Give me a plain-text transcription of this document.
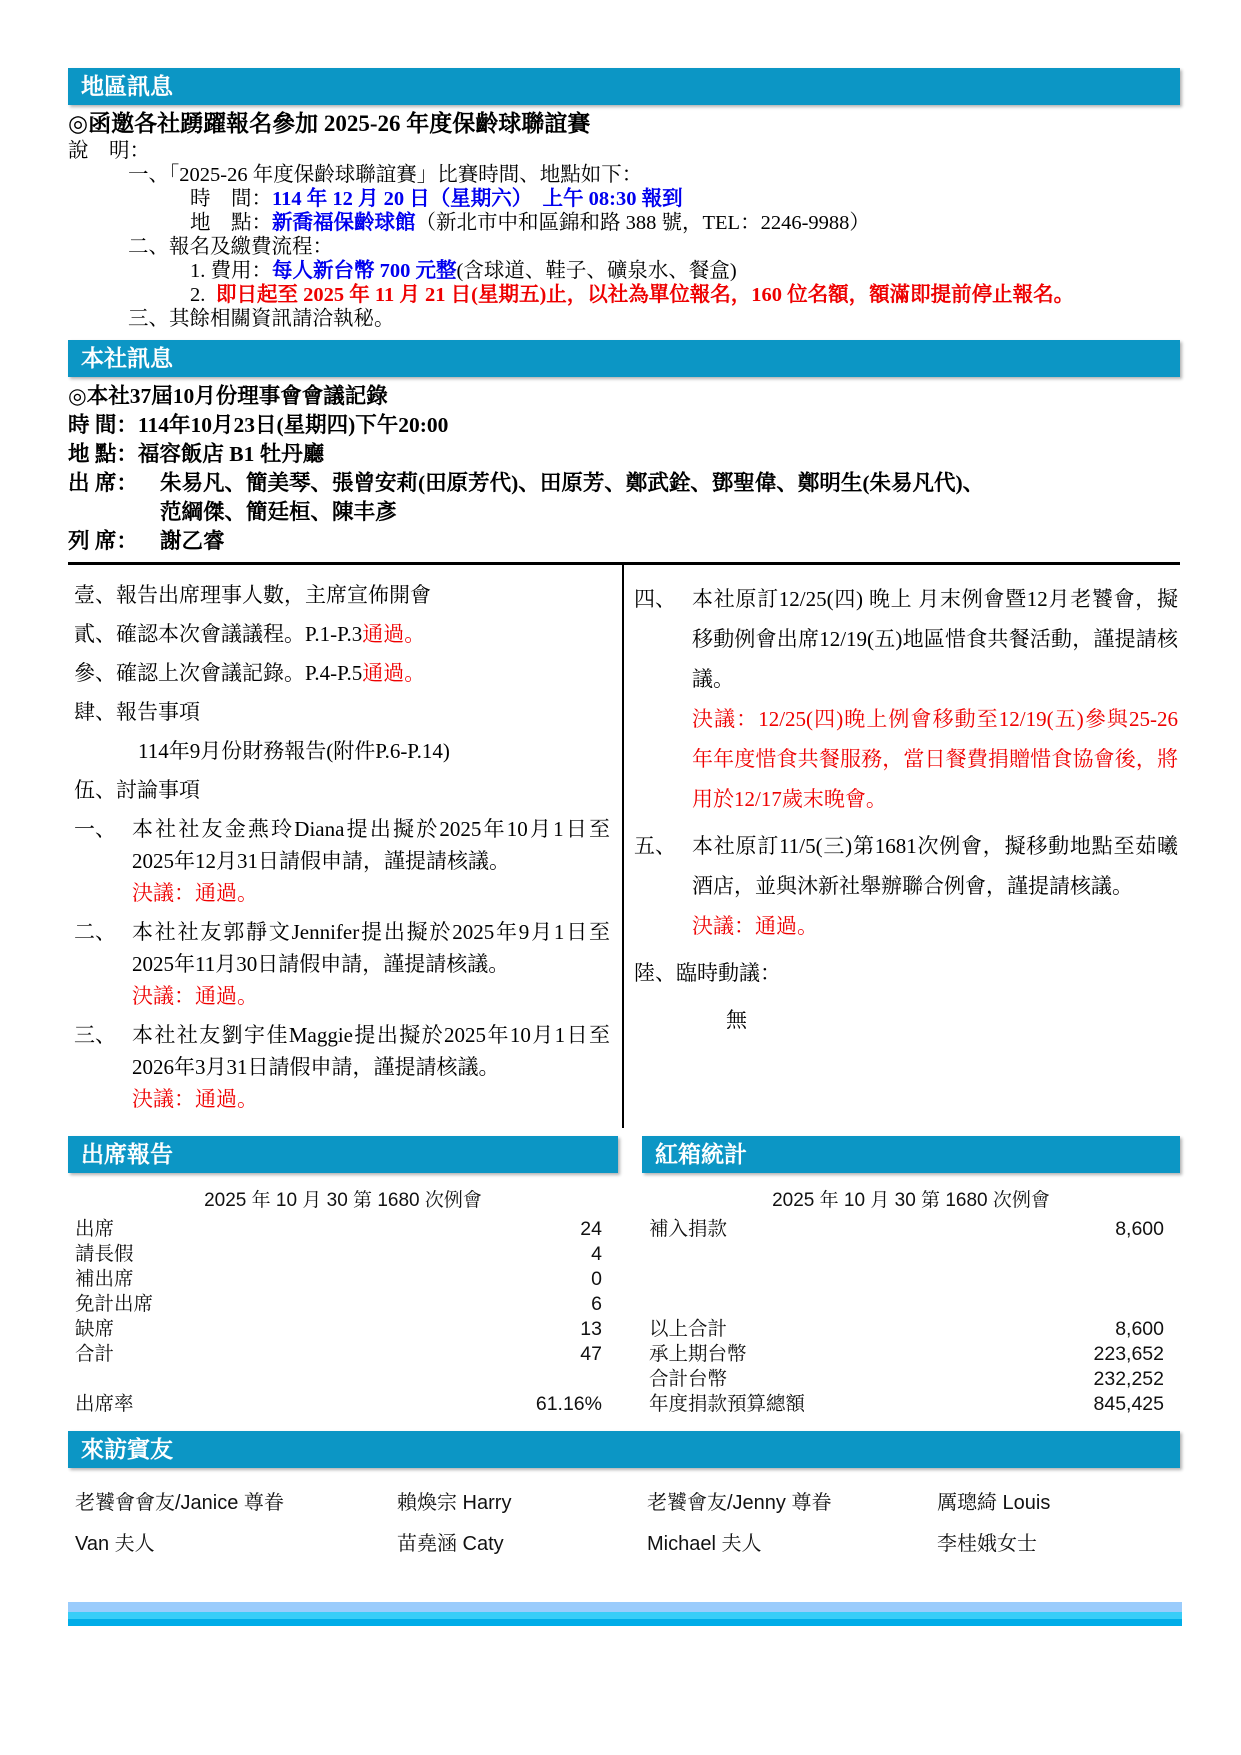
地區訊息
◎函邀各社踴躍報名參加 2025-26 年度保齡球聯誼賽
說　明：
一、「2025-26 年度保齡球聯誼賽」比賽時間、地點如下：
時　間：114 年 12 月 20 日（星期六）　上午 08:30 報到
地　點：新喬福保齡球館（新北市中和區錦和路 388 號，TEL：2246-9988）
二、報名及繳費流程：
1. 費用：每人新台幣 700 元整(含球道、鞋子、礦泉水、餐盒)
2. 即日起至 2025 年 11 月 21 日(星期五)止，以社為單位報名，160 位名額，額滿即提前停止報名。
三、其餘相關資訊請洽執秘。
本社訊息
◎本社37屆10月份理事會會議記錄
時 間：114年10月23日(星期四)下午20:00
地 點：福容飯店 B1 牡丹廳
出 席：	朱易凡、簡美琴、張曾安莉(田原芳代)、田原芳、鄭武銓、鄧聖偉、鄭明生(朱易凡代)、
范綱傑、簡廷桓、陳丰彥
列 席：	謝乙睿
壹、報告出席理事人數，主席宣佈開會
貳、確認本次會議議程。P.1-P.3通過。
參、確認上次會議記錄。P.4-P.5通過。
肆、報告事項
114年9月份財務報告(附件P.6-P.14)
伍、討論事項
一、 本社社友金燕玲Diana提出擬於2025年10月1日至2025年12月31日請假申請，謹提請核議。
決議：通過。
二、 本社社友郭靜文Jennifer提出擬於2025年9月1日至2025年11月30日請假申請，謹提請核議。
決議：通過。
三、 本社社友劉宇佳Maggie提出擬於2025年10月1日至2026年3月31日請假申請，謹提請核議。
決議：通過。
四、 本社原訂12/25(四) 晚上 月末例會暨12月老饕會，擬移動例會出席12/19(五)地區惜食共餐活動，謹提請核議。
決議：12/25(四)晚上例會移動至12/19(五)參與25-26年年度惜食共餐服務，當日餐費捐贈惜食協會後，將用於12/17歲末晚會。
五、 本社原訂11/5(三)第1681次例會，擬移動地點至茹曦酒店，並與沐新社舉辦聯合例會，謹提請核議。
決議：通過。
陸、臨時動議：
無
出席報告
2025 年 10 月 30 第 1680 次例會
出席	24
請長假	4
補出席	0
免計出席	6
缺席	13
合計	47
出席率	61.16%
紅箱統計
2025 年 10 月 30 第 1680 次例會
補入捐款	8,600
以上合計	8,600
承上期台幣	223,652
合計台幣	232,252
年度捐款預算總額	845,425
來訪賓友
老饕會會友/Janice 尊眷	賴煥宗 Harry	老饕會友/Jenny 尊眷	厲璁綺 Louis
Van 夫人	苗堯涵 Caty	Michael 夫人	李桂娥女士
